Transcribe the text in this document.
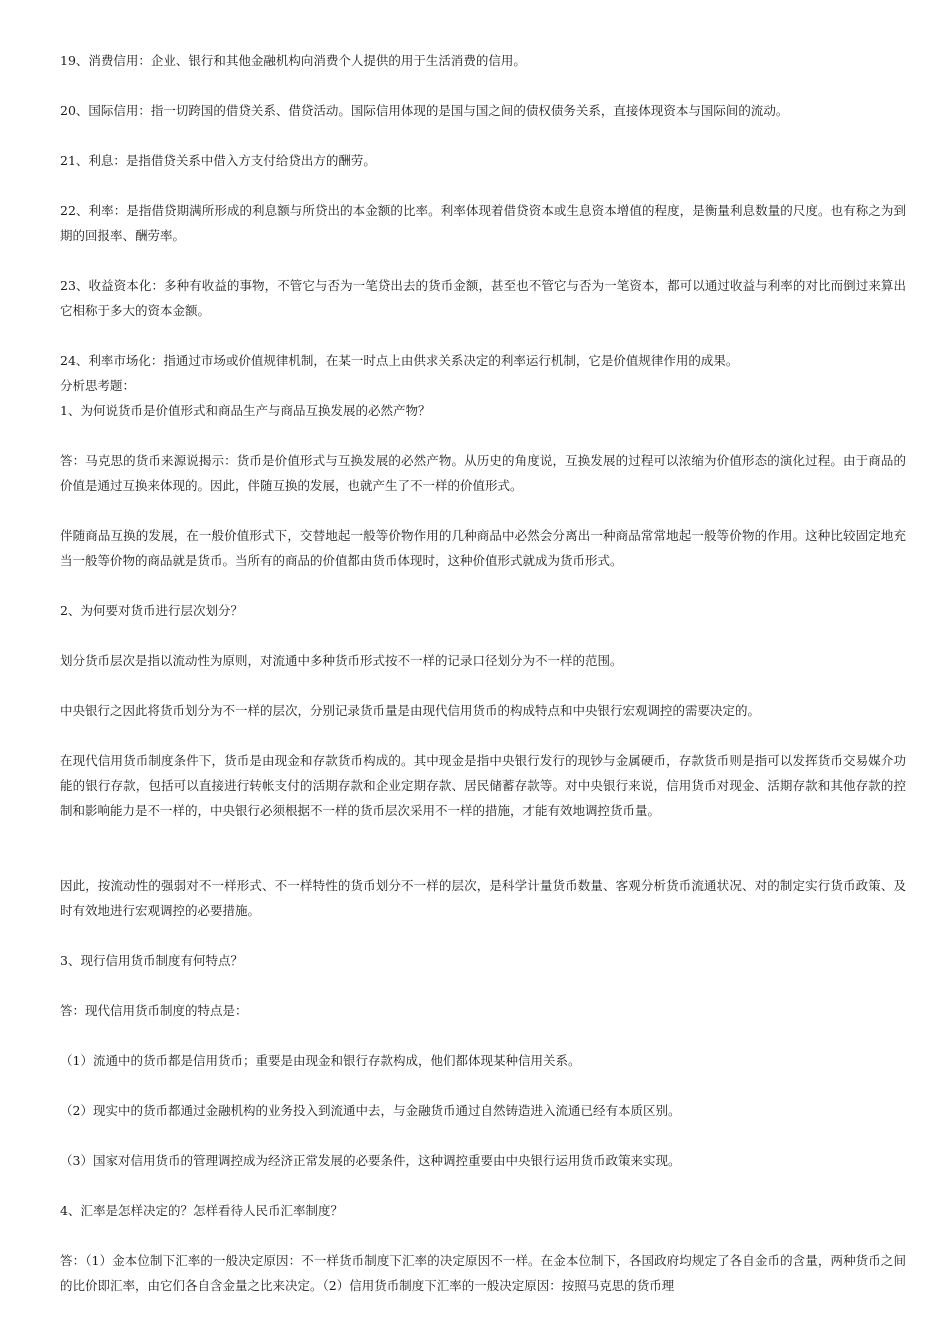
19、消费信用：企业、银行和其他金融机构向消费个人提供的用于生活消费的信用。

20、国际信用：指一切跨国的借贷关系、借贷活动。国际信用体现的是国与国之间的债权债务关系，直接体现资本与国际间的流动。

21、利息：是指借贷关系中借入方支付给贷出方的酬劳。

22、利率：是指借贷期满所形成的利息额与所贷出的本金额的比率。利率体现着借贷资本或生息资本增值的程度，是衡量利息数量的尺度。也有称之为到期的回报率、酬劳率。

23、收益资本化：多种有收益的事物，不管它与否为一笔贷出去的货币金额，甚至也不管它与否为一笔资本，都可以通过收益与利率的对比而倒过来算出它相称于多大的资本金额。

24、利率市场化：指通过市场或价值规律机制，在某一时点上由供求关系决定的利率运行机制，它是价值规律作用的成果。

分析思考题：

1、为何说货币是价值形式和商品生产与商品互换发展的必然产物？

答：马克思的货币来源说揭示：货币是价值形式与互换发展的必然产物。从历史的角度说，互换发展的过程可以浓缩为价值形态的演化过程。由于商品的价值是通过互换来体现的。因此，伴随互换的发展，也就产生了不一样的价值形式。

伴随商品互换的发展，在一般价值形式下，交替地起一般等价物作用的几种商品中必然会分离出一种商品常常地起一般等价物的作用。这种比较固定地充当一般等价物的商品就是货币。当所有的商品的价值都由货币体现时，这种价值形式就成为货币形式。

2、为何要对货币进行层次划分？

划分货币层次是指以流动性为原则，对流通中多种货币形式按不一样的记录口径划分为不一样的范围。

中央银行之因此将货币划分为不一样的层次，分别记录货币量是由现代信用货币的构成特点和中央银行宏观调控的需要决定的。

在现代信用货币制度条件下，货币是由现金和存款货币构成的。其中现金是指中央银行发行的现钞与金属硬币，存款货币则是指可以发挥货币交易媒介功能的银行存款，包括可以直接进行转帐支付的活期存款和企业定期存款、居民储蓄存款等。对中央银行来说，信用货币对现金、活期存款和其他存款的控制和影响能力是不一样的，中央银行必须根据不一样的货币层次采用不一样的措施，才能有效地调控货币量。

因此，按流动性的强弱对不一样形式、不一样特性的货币划分不一样的层次，是科学计量货币数量、客观分析货币流通状况、对的制定实行货币政策、及时有效地进行宏观调控的必要措施。

3、现行信用货币制度有何特点？

答：现代信用货币制度的特点是：

（1）流通中的货币都是信用货币；重要是由现金和银行存款构成，他们都体现某种信用关系。

（2）现实中的货币都通过金融机构的业务投入到流通中去，与金融货币通过自然铸造进入流通已经有本质区别。

（3）国家对信用货币的管理调控成为经济正常发展的必要条件，这种调控重要由中央银行运用货币政策来实现。

4、汇率是怎样决定的？怎样看待人民币汇率制度？

答：（1）金本位制下汇率的一般决定原因：不一样货币制度下汇率的决定原因不一样。在金本位制下，各国政府均规定了各自金币的含量，两种货币之间的比价即汇率，由它们各自含金量之比来决定。（2）信用货币制度下汇率的一般决定原因：按照马克思的货币理
